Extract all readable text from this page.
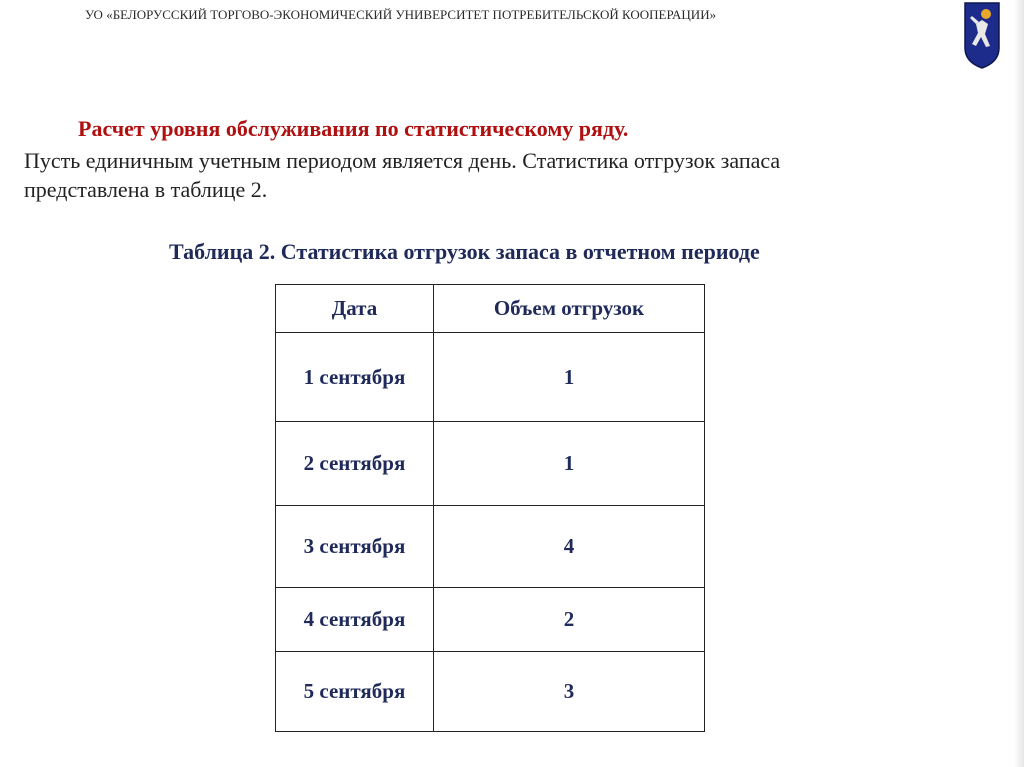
УО «БЕЛОРУССКИЙ ТОРГОВО-ЭКОНОМИЧЕСКИЙ УНИВЕРСИТЕТ ПОТРЕБИТЕЛЬСКОЙ КООПЕРАЦИИ»
Расчет уровня обслуживания по статистическому ряду.
Пусть единичным учетным периодом является день. Статистика отгрузок запаса
представлена в таблице 2.
Таблица 2. Статистика отгрузок запаса в отчетном периоде
Дата	Объем отгрузок
1 сентября	1
2 сентября	1
3 сентября	4
4 сентября	2
5 сентября	3
